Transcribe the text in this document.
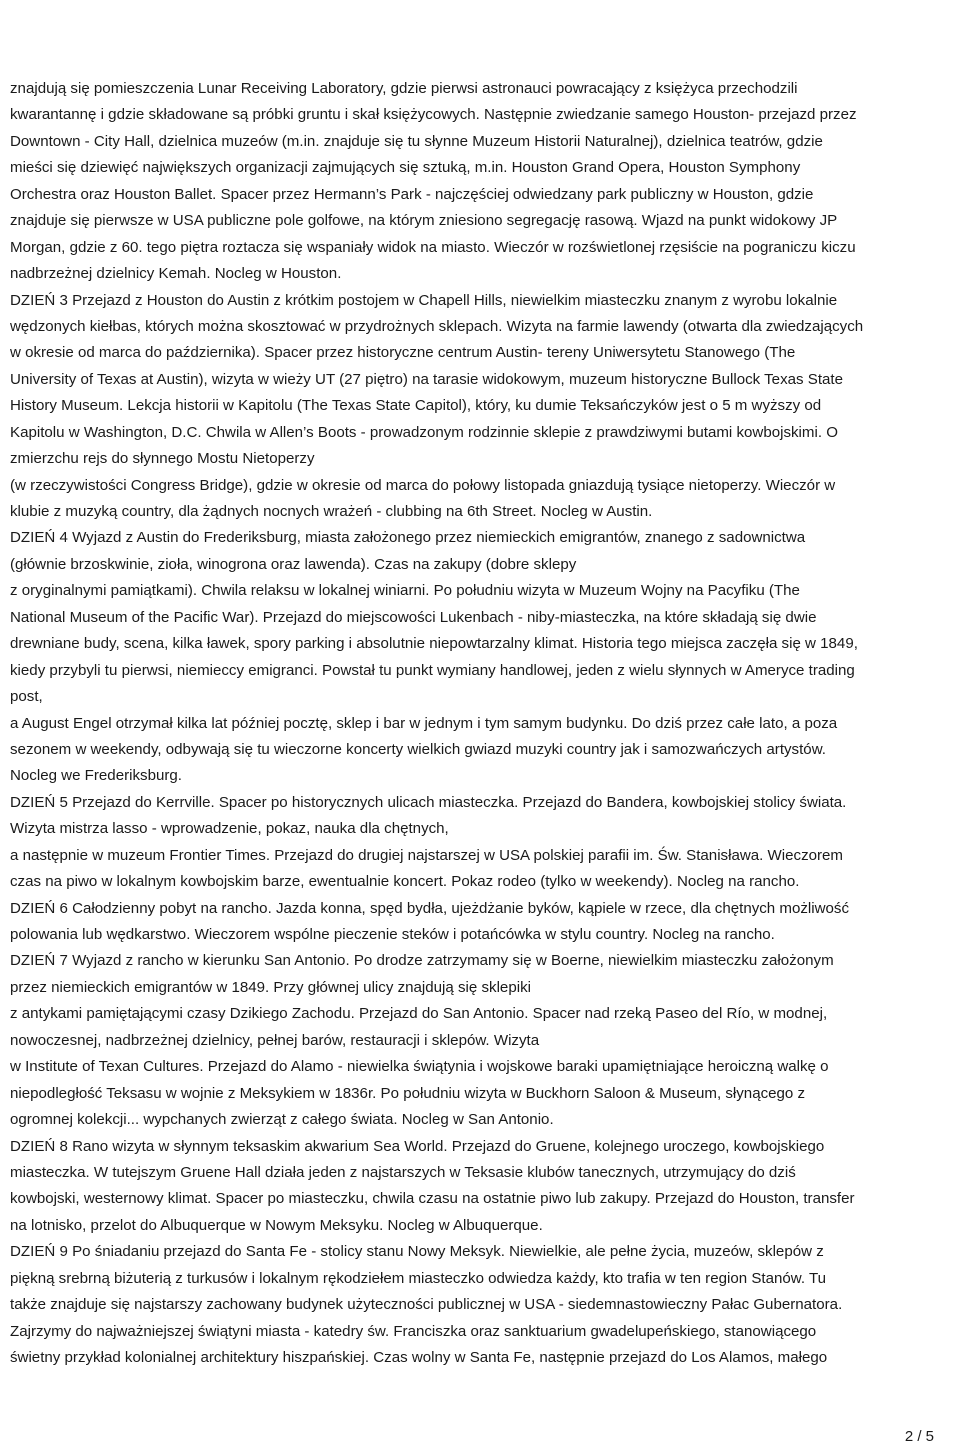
znajdują się pomieszczenia Lunar Receiving Laboratory, gdzie pierwsi astronauci powracający z księżyca przechodzili
kwarantannę i gdzie składowane są próbki gruntu i skał księżycowych. Następnie zwiedzanie samego Houston- przejazd przez
Downtown - City Hall, dzielnica muzeów (m.in. znajduje się tu słynne Muzeum Historii Naturalnej), dzielnica teatrów, gdzie
mieści się dziewięć największych organizacji zajmujących się sztuką, m.in. Houston Grand Opera, Houston Symphony
Orchestra oraz Houston Ballet. Spacer przez Hermann’s Park - najczęściej odwiedzany park publiczny w Houston, gdzie
znajduje się pierwsze w USA publiczne pole golfowe, na którym zniesiono segregację rasową. Wjazd na punkt widokowy JP
Morgan, gdzie z 60. tego piętra roztacza się wspaniały widok na miasto. Wieczór w rozświetlonej rzęsiście na pograniczu kiczu
nadbrzeżnej dzielnicy Kemah. Nocleg w Houston.
DZIEŃ 3 Przejazd z Houston do Austin z krótkim postojem w Chapell Hills, niewielkim miasteczku znanym z wyrobu lokalnie
wędzonych kiełbas, których można skosztować w przydrożnych sklepach. Wizyta na farmie lawendy (otwarta dla zwiedzających
w okresie od marca do października). Spacer przez historyczne centrum Austin- tereny Uniwersytetu Stanowego (The
University of Texas at Austin), wizyta w wieży UT (27 piętro) na tarasie widokowym, muzeum historyczne Bullock Texas State
History Museum. Lekcja historii w Kapitolu (The Texas State Capitol), który, ku dumie Teksańczyków jest o 5 m wyższy od
Kapitolu w Washington, D.C. Chwila w Allen’s Boots - prowadzonym rodzinnie sklepie z prawdziwymi butami kowbojskimi. O
zmierzchu rejs do słynnego Mostu Nietoperzy
(w rzeczywistości Congress Bridge), gdzie w okresie od marca do połowy listopada gniazdują tysiące nietoperzy. Wieczór w
klubie z muzyką country, dla żądnych nocnych wrażeń - clubbing na 6th Street. Nocleg w Austin.
DZIEŃ 4 Wyjazd z Austin do Frederiksburg, miasta założonego przez niemieckich emigrantów, znanego z sadownictwa
(głównie brzoskwinie, zioła, winogrona oraz lawenda). Czas na zakupy (dobre sklepy
z oryginalnymi pamiątkami). Chwila relaksu w lokalnej winiarni. Po południu wizyta w Muzeum Wojny na Pacyfiku (The
National Museum of the Pacific War). Przejazd do miejscowości Lukenbach - niby-miasteczka, na które składają się dwie
drewniane budy, scena, kilka ławek, spory parking i absolutnie niepowtarzalny klimat. Historia tego miejsca zaczęła się w 1849,
kiedy przybyli tu pierwsi, niemieccy emigranci. Powstał tu punkt wymiany handlowej, jeden z wielu słynnych w Ameryce trading
post,
a August Engel otrzymał kilka lat później pocztę, sklep i bar w jednym i tym samym budynku. Do dziś przez całe lato, a poza
sezonem w weekendy, odbywają się tu wieczorne koncerty wielkich gwiazd muzyki country jak i samozwańczych artystów.
Nocleg we Frederiksburg.
DZIEŃ 5 Przejazd do Kerrville. Spacer po historycznych ulicach miasteczka. Przejazd do Bandera, kowbojskiej stolicy świata.
Wizyta mistrza lasso - wprowadzenie, pokaz, nauka dla chętnych,
a następnie w muzeum Frontier Times. Przejazd do drugiej najstarszej w USA polskiej parafii im. Św. Stanisława. Wieczorem
czas na piwo w lokalnym kowbojskim barze, ewentualnie koncert. Pokaz rodeo (tylko w weekendy). Nocleg na rancho.
DZIEŃ 6 Całodzienny pobyt na rancho. Jazda konna, spęd bydła, ujeżdżanie byków, kąpiele w rzece, dla chętnych możliwość
polowania lub wędkarstwo. Wieczorem wspólne pieczenie steków i potańcówka w stylu country. Nocleg na rancho.
DZIEŃ 7 Wyjazd z rancho w kierunku San Antonio. Po drodze zatrzymamy się w Boerne, niewielkim miasteczku założonym
przez niemieckich emigrantów w 1849. Przy głównej ulicy znajdują się sklepiki
z antykami pamiętającymi czasy Dzikiego Zachodu. Przejazd do San Antonio. Spacer nad rzeką Paseo del Río, w modnej,
nowoczesnej, nadbrzeżnej dzielnicy, pełnej barów, restauracji i sklepów. Wizyta
w Institute of Texan Cultures. Przejazd do Alamo - niewielka świątynia i wojskowe baraki upamiętniające heroiczną walkę o
niepodległość Teksasu w wojnie z Meksykiem w 1836r. Po południu wizyta w Buckhorn Saloon & Museum, słynącego z
ogromnej kolekcji... wypchanych zwierząt z całego świata. Nocleg w San Antonio.
DZIEŃ 8 Rano wizyta w słynnym teksaskim akwarium Sea World. Przejazd do Gruene, kolejnego uroczego, kowbojskiego
miasteczka. W tutejszym Gruene Hall działa jeden z najstarszych w Teksasie klubów tanecznych, utrzymujący do dziś
kowbojski, westernowy klimat. Spacer po miasteczku, chwila czasu na ostatnie piwo lub zakupy. Przejazd do Houston, transfer
na lotnisko, przelot do Albuquerque w Nowym Meksyku. Nocleg w Albuquerque.
DZIEŃ 9 Po śniadaniu przejazd do Santa Fe - stolicy stanu Nowy Meksyk. Niewielkie, ale pełne życia, muzeów, sklepów z
piękną srebrną biżuterią z turkusów i lokalnym rękodziełem miasteczko odwiedza każdy, kto trafia w ten region Stanów. Tu
także znajduje się najstarszy zachowany budynek użyteczności publicznej w USA - siedemnastowieczny Pałac Gubernatora.
Zajrzymy do najważniejszej świątyni miasta - katedry św. Franciszka oraz sanktuarium gwadelupeńskiego, stanowiącego
świetny przykład kolonialnej architektury hiszpańskiej. Czas wolny w Santa Fe, następnie przejazd do Los Alamos, małego
2 / 5
